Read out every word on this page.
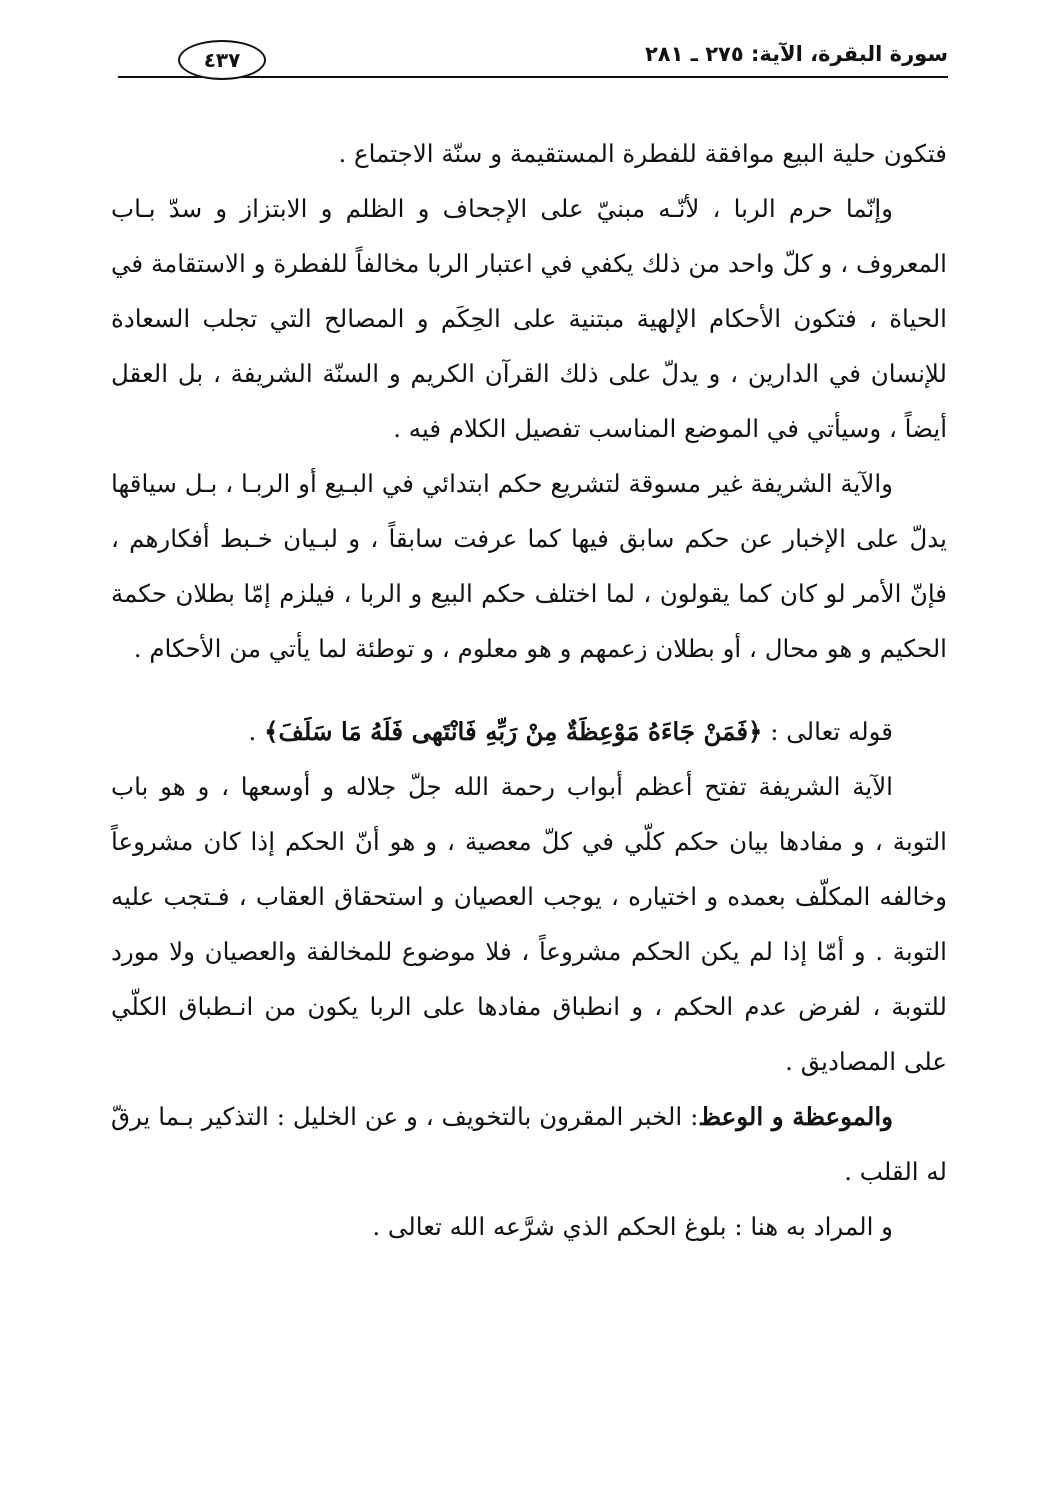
سورة البقرة، الآية: ٢٧٥ ـ ٢٨١
٤٣٧

فتكون حلية البيع موافقة للفطرة المستقيمة و سنّة الاجتماع .

وإنّما حرم الربا ، لأنّـه مبنيّ على الإجحاف و الظلم و الابتزاز و سدّ بـاب المعروف ، و كلّ واحد من ذلك يكفي في اعتبار الربا مخالفاً للفطرة و الاستقامة في الحياة ، فتكون الأحكام الإلهية مبتنية على الحِكَم و المصالح التي تجلب السعادة للإنسان في الدارين ، و يدلّ على ذلك القرآن الكريم و السنّة الشريفة ، بل العقل أيضاً ، وسيأتي في الموضع المناسب تفصيل الكلام فيه .

والآية الشريفة غير مسوقة لتشريع حكم ابتدائي في البـيع أو الربـا ، بـل سياقها يدلّ على الإخبار عن حكم سابق فيها كما عرفت سابقاً ، و لبـيان خـبط أفكارهم ، فإنّ الأمر لو كان كما يقولون ، لما اختلف حكم البيع و الربا ، فيلزم إمّا بطلان حكمة الحكيم و هو محال ، أو بطلان زعمهم و هو معلوم ، و توطئة لما يأتي من الأحكام .

قوله تعالى : ﴿فَمَنْ جَاءَهُ مَوْعِظَةٌ مِنْ رَبِّهِ فَانْتَهى فَلَهُ مَا سَلَفَ﴾ .

الآية الشريفة تفتح أعظم أبواب رحمة الله جلّ جلاله و أوسعها ، و هو باب التوبة ، و مفادها بيان حكم كلّي في كلّ معصية ، و هو أنّ الحكم إذا كان مشروعاً وخالفه المكلّف بعمده و اختياره ، يوجب العصيان و استحقاق العقاب ، فـتجب عليه التوبة . و أمّا إذا لم يكن الحكم مشروعاً ، فلا موضوع للمخالفة والعصيان ولا مورد للتوبة ، لفرض عدم الحكم ، و انطباق مفادها على الربا يكون من انـطباق الكلّي على المصاديق .

والموعظة و الوعظ: الخبر المقرون بالتخويف ، و عن الخليل : التذكير بـما يرقّ له القلب .

و المراد به هنا : بلوغ الحكم الذي شرَّعه الله تعالى .
